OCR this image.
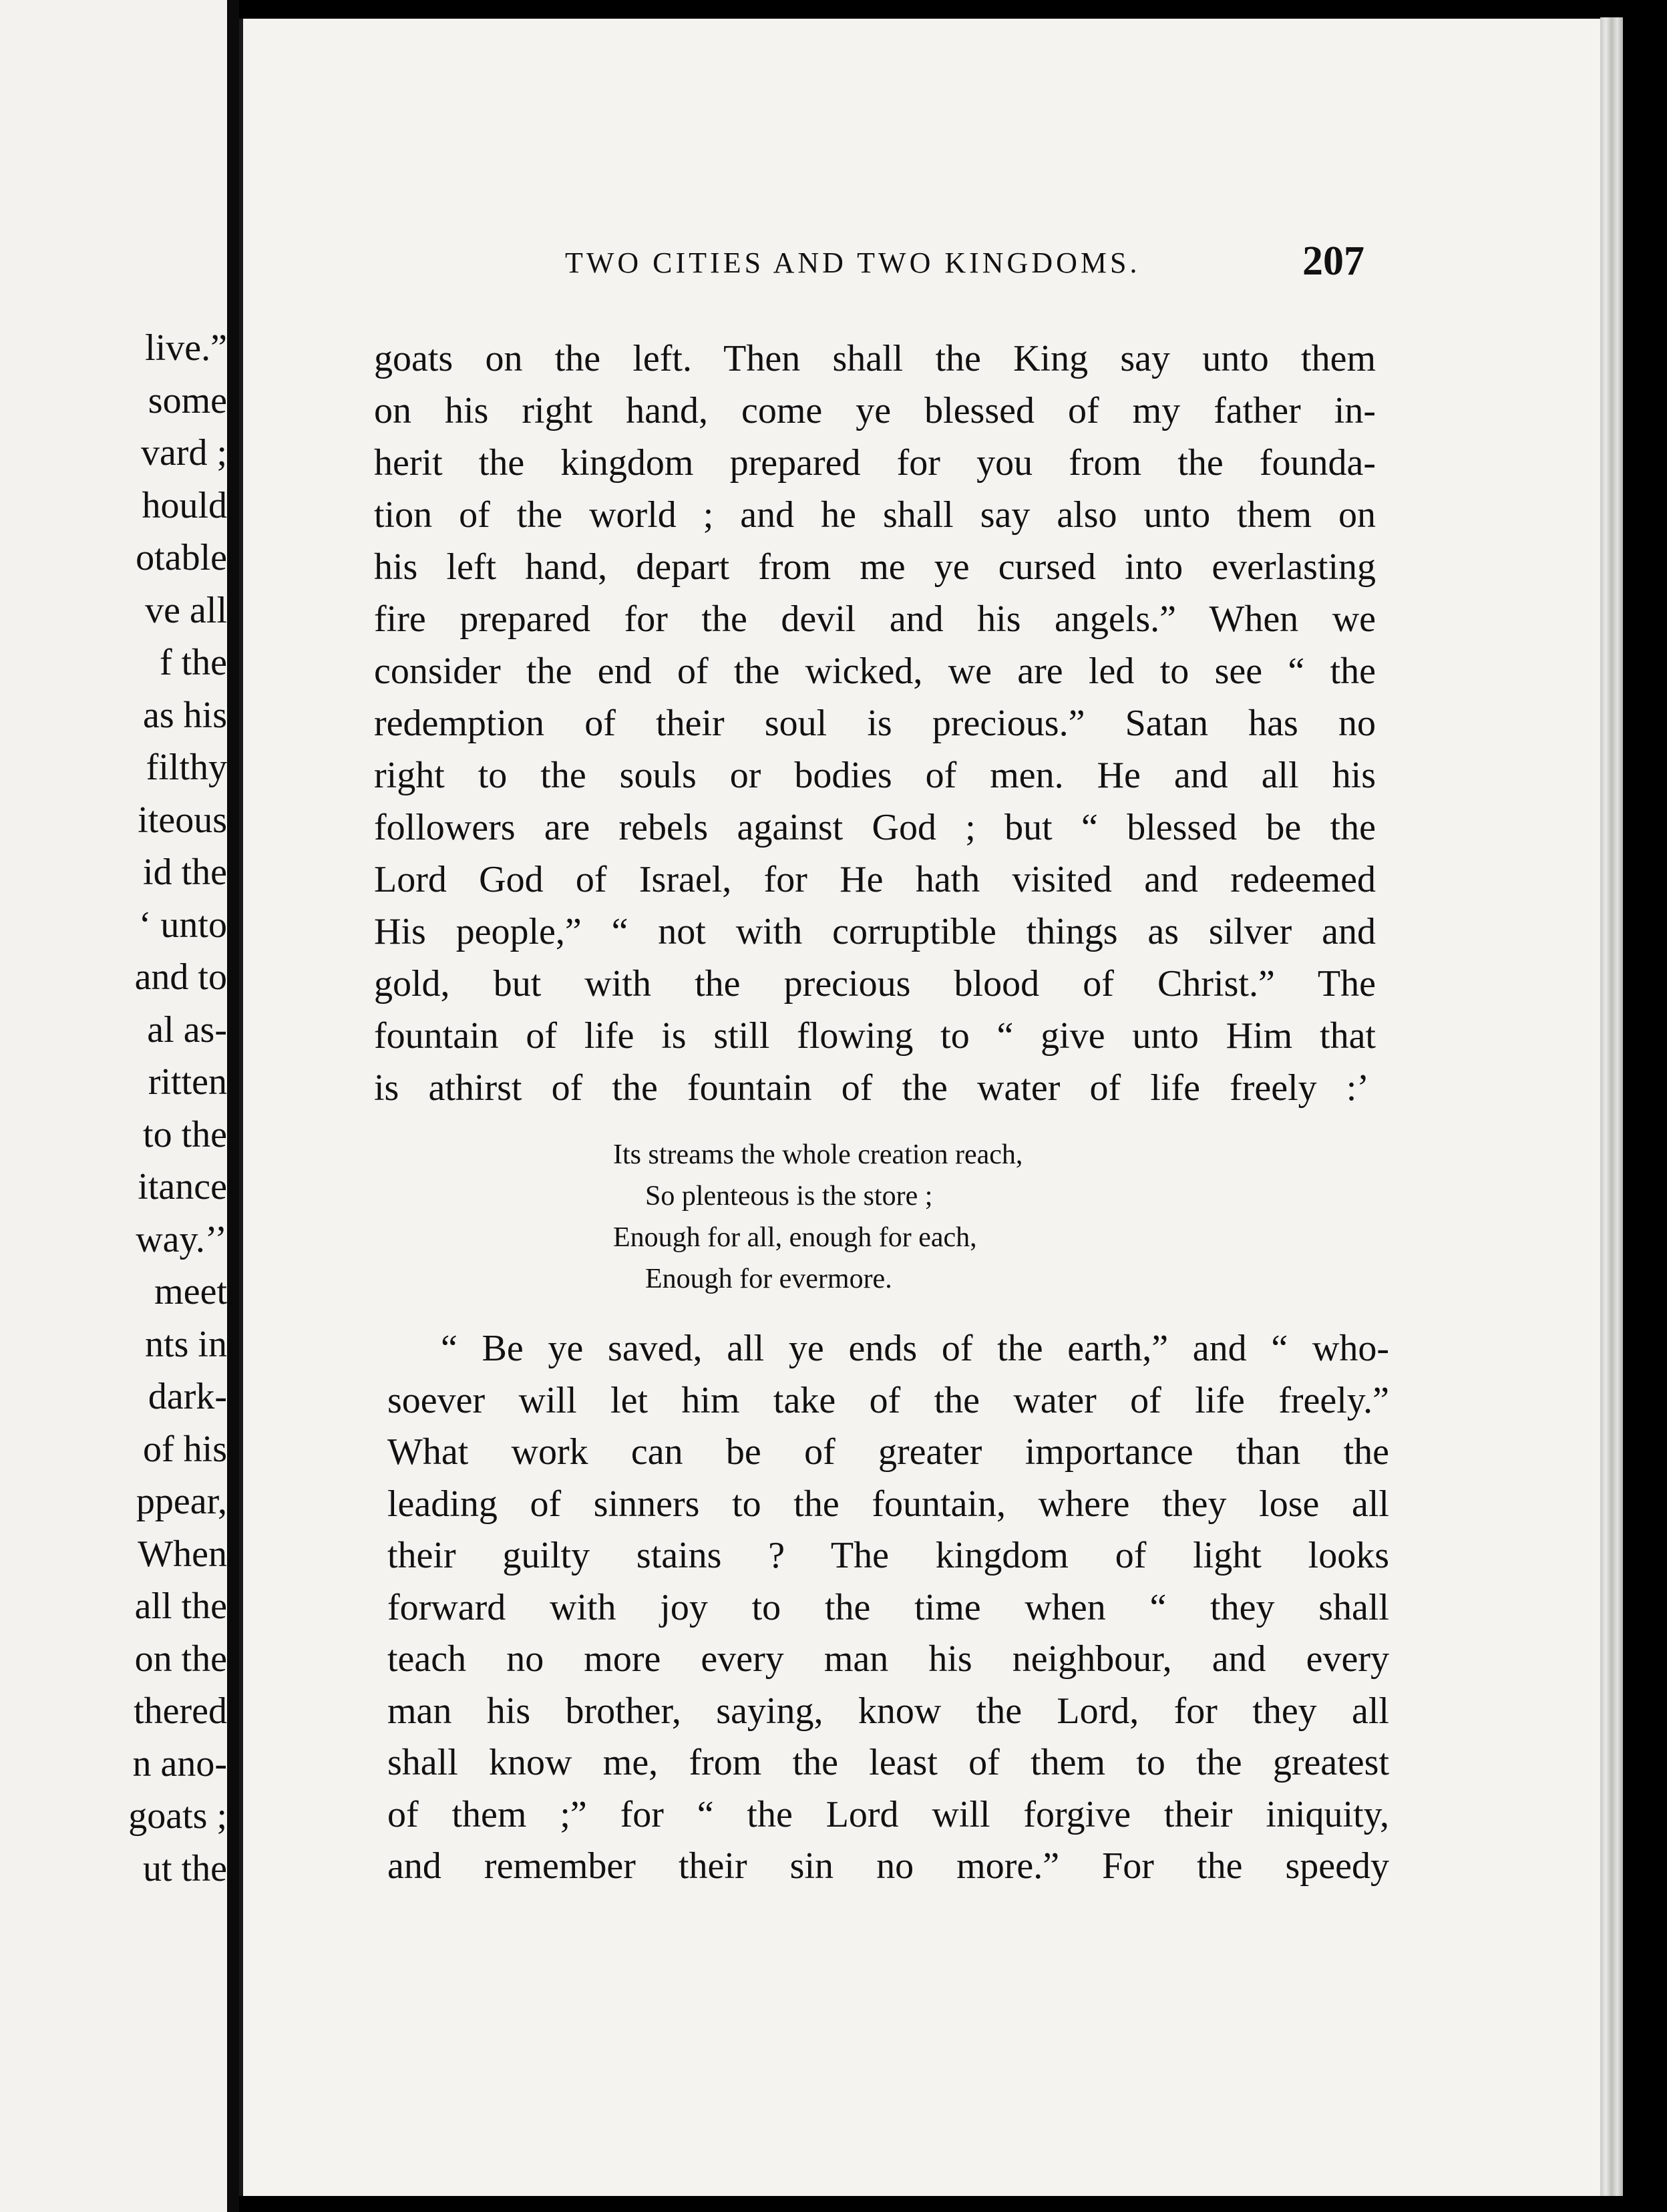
live.”
some
vard ;
hould
otable
ve all
f the
as his
filthy
iteous
id the
‘ unto
and to
al as-
ritten
to the
itance
way.’’
meet
nts in
dark-
of his
ppear,
When
all the
on the
thered
n ano-
goats ;
ut the
TWO CITIES AND TWO KINGDOMS.	207
goats on the left. Then shall the King say unto them
on his right hand, come ye blessed of my father in-
herit the kingdom prepared for you from the founda-
tion of the world ; and he shall say also unto them on
his left hand, depart from me ye cursed into everlasting
fire prepared for the devil and his angels.” When we
consider the end of the wicked, we are led to see “ the
redemption of their soul is precious.” Satan has no
right to the souls or bodies of men. He and all his
followers are rebels against God ; but “ blessed be the
Lord God of Israel, for He hath visited and redeemed
His people,” “ not with corruptible things as silver and
gold, but with the precious blood of Christ.” The
fountain of life is still flowing to “ give unto Him that
is athirst of the fountain of the water of life freely :’
Its streams the whole creation reach,
So plenteous is the store ;
Enough for all, enough for each,
Enough for evermore.
“ Be ye saved, all ye ends of the earth,” and “ who-
soever will let him take of the water of life freely.”
What work can be of greater importance than the
leading of sinners to the fountain, where they lose all
their guilty stains ? The kingdom of light looks
forward with joy to the time when “ they shall
teach no more every man his neighbour, and every
man his brother, saying, know the Lord, for they all
shall know me, from the least of them to the greatest
of them ;” for “ the Lord will forgive their iniquity,
and remember their sin no more.” For the speedy
